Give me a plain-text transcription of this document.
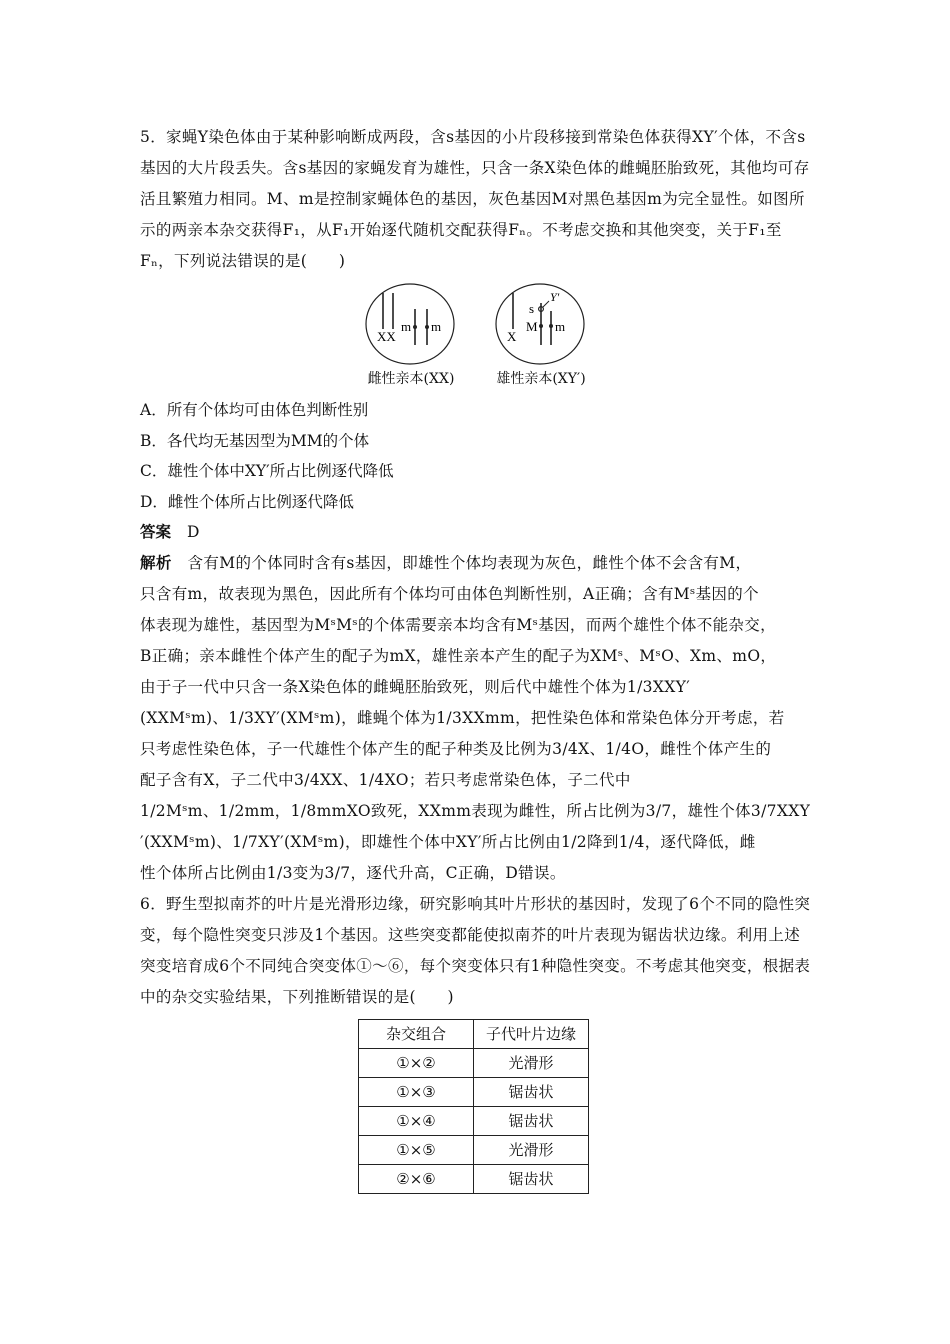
5．家蝇Y染色体由于某种影响断成两段，含s基因的小片段移接到常染色体获得XY′个体，不含s基因的大片段丢失。含s基因的家蝇发育为雄性，只含一条X染色体的雌蝇胚胎致死，其他均可存活且繁殖力相同。M、m是控制家蝇体色的基因，灰色基因M对黑色基因m为完全显性。如图所示的两亲本杂交获得F₁，从F₁开始逐代随机交配获得Fₙ。不考虑交换和其他突变，关于F₁至Fₙ，下列说法错误的是(　　)

XX
m m
雌性亲本(XX)
X
s
Y′
M m
雄性亲本(XY′)

A．所有个体均可由体色判断性别

B．各代均无基因型为MM的个体

C．雄性个体中XY′所占比例逐代降低

D．雌性个体所占比例逐代降低

答案 D

解析 含有M的个体同时含有s基因，即雄性个体均表现为灰色，雌性个体不会含有M，

只含有m，故表现为黑色，因此所有个体均可由体色判断性别，A正确；含有Mˢ基因的个

体表现为雄性，基因型为MˢMˢ的个体需要亲本均含有Mˢ基因，而两个雄性个体不能杂交，

B正确；亲本雌性个体产生的配子为mX，雄性亲本产生的配子为XMˢ、MˢO、Xm、mO，

由于子一代中只含一条X染色体的雌蝇胚胎致死，则后代中雄性个体为1/3XXY′

(XXMˢm)、1/3XY′(XMˢm)，雌蝇个体为1/3XXmm，把性染色体和常染色体分开考虑，若

只考虑性染色体，子一代雄性个体产生的配子种类及比例为3/4X、1/4O，雌性个体产生的

配子含有X，子二代中3/4XX、1/4XO；若只考虑常染色体，子二代中

1/2Mˢm、1/2mm，1/8mmXO致死，XXmm表现为雌性，所占比例为3/7，雄性个体3/7XXY

′(XXMˢm)、1/7XY′(XMˢm)，即雄性个体中XY′所占比例由1/2降到1/4，逐代降低，雌

性个体所占比例由1/3变为3/7，逐代升高，C正确，D错误。

6．野生型拟南芥的叶片是光滑形边缘，研究影响其叶片形状的基因时，发现了6个不同的隐性突变，每个隐性突变只涉及1个基因。这些突变都能使拟南芥的叶片表现为锯齿状边缘。利用上述突变培育成6个不同纯合突变体①～⑥，每个突变体只有1种隐性突变。不考虑其他突变，根据表中的杂交实验结果，下列推断错误的是(　　)

杂交组合	子代叶片边缘
①×②	光滑形
①×③	锯齿状
①×④	锯齿状
①×⑤	光滑形
②×⑥	锯齿状
